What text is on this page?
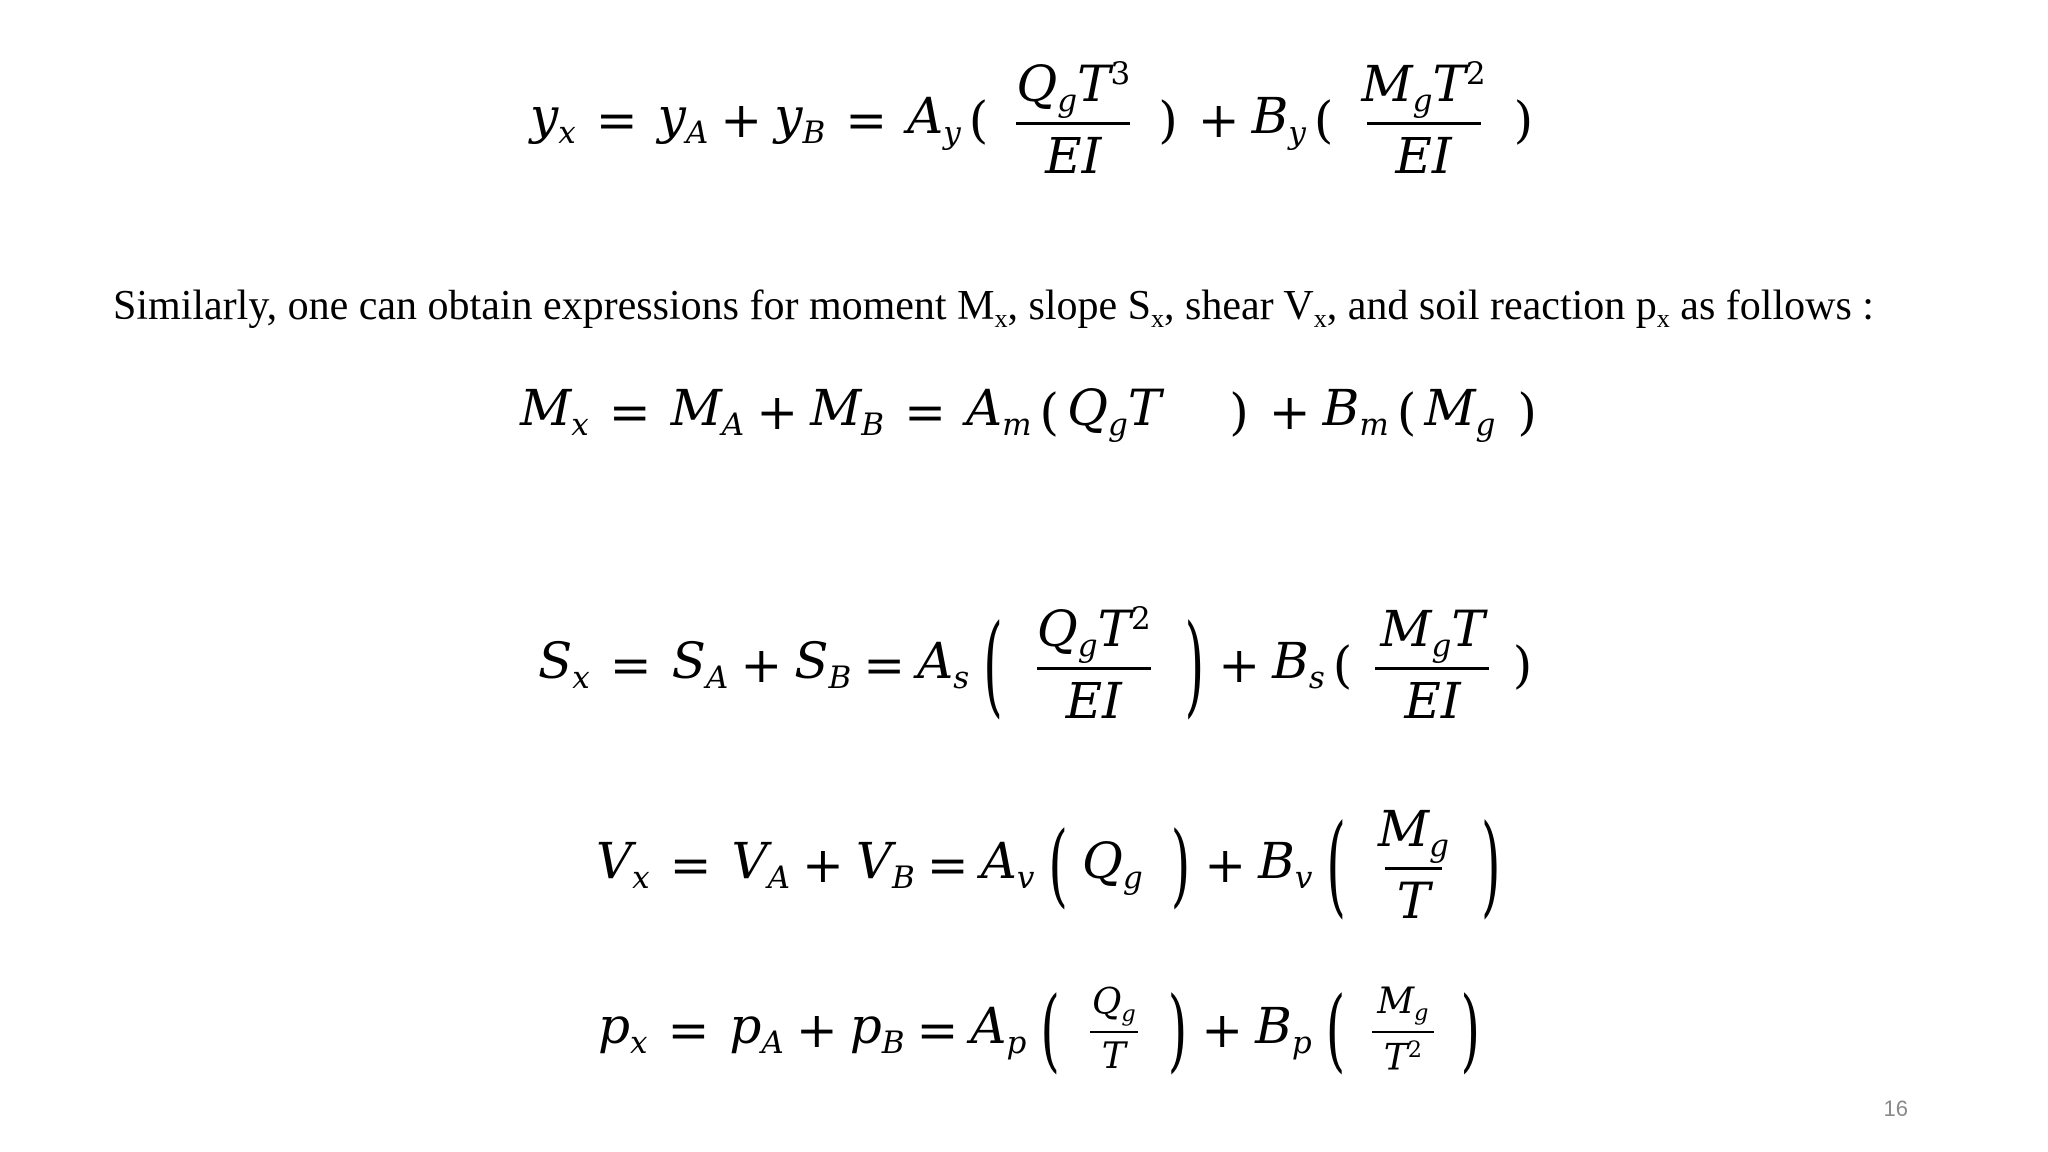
$y_x = y_A + y_B = A_y$ ( $\frac{Q_gT^3}{EI}$ ) + $B_y$ ( $\frac{M_gT^2}{EI}$ )
Similarly, one can obtain expressions for moment Mx, slope Sx, shear Vx, and soil reaction px as follows :
$M_x = M_A + M_B = A_m$ ( $Q_gT$ ) + $B_m$ ( $M_g$ )
$S_x = S_A + S_B = A_s$ ( $\frac{Q_gT^2}{EI}$ ) + $B_s$ ( $\frac{M_gT}{EI}$ )
$V_x = V_A + V_B = A_v$ ( $Q_g$ ) + $B_v$ ( $\frac{M_g}{T}$ )
$p_x = p_A + p_B = A_p$ ( $\frac{Q_g}{T}$ ) + $B_p$ ( $\frac{M_g}{T^2}$ )
16
